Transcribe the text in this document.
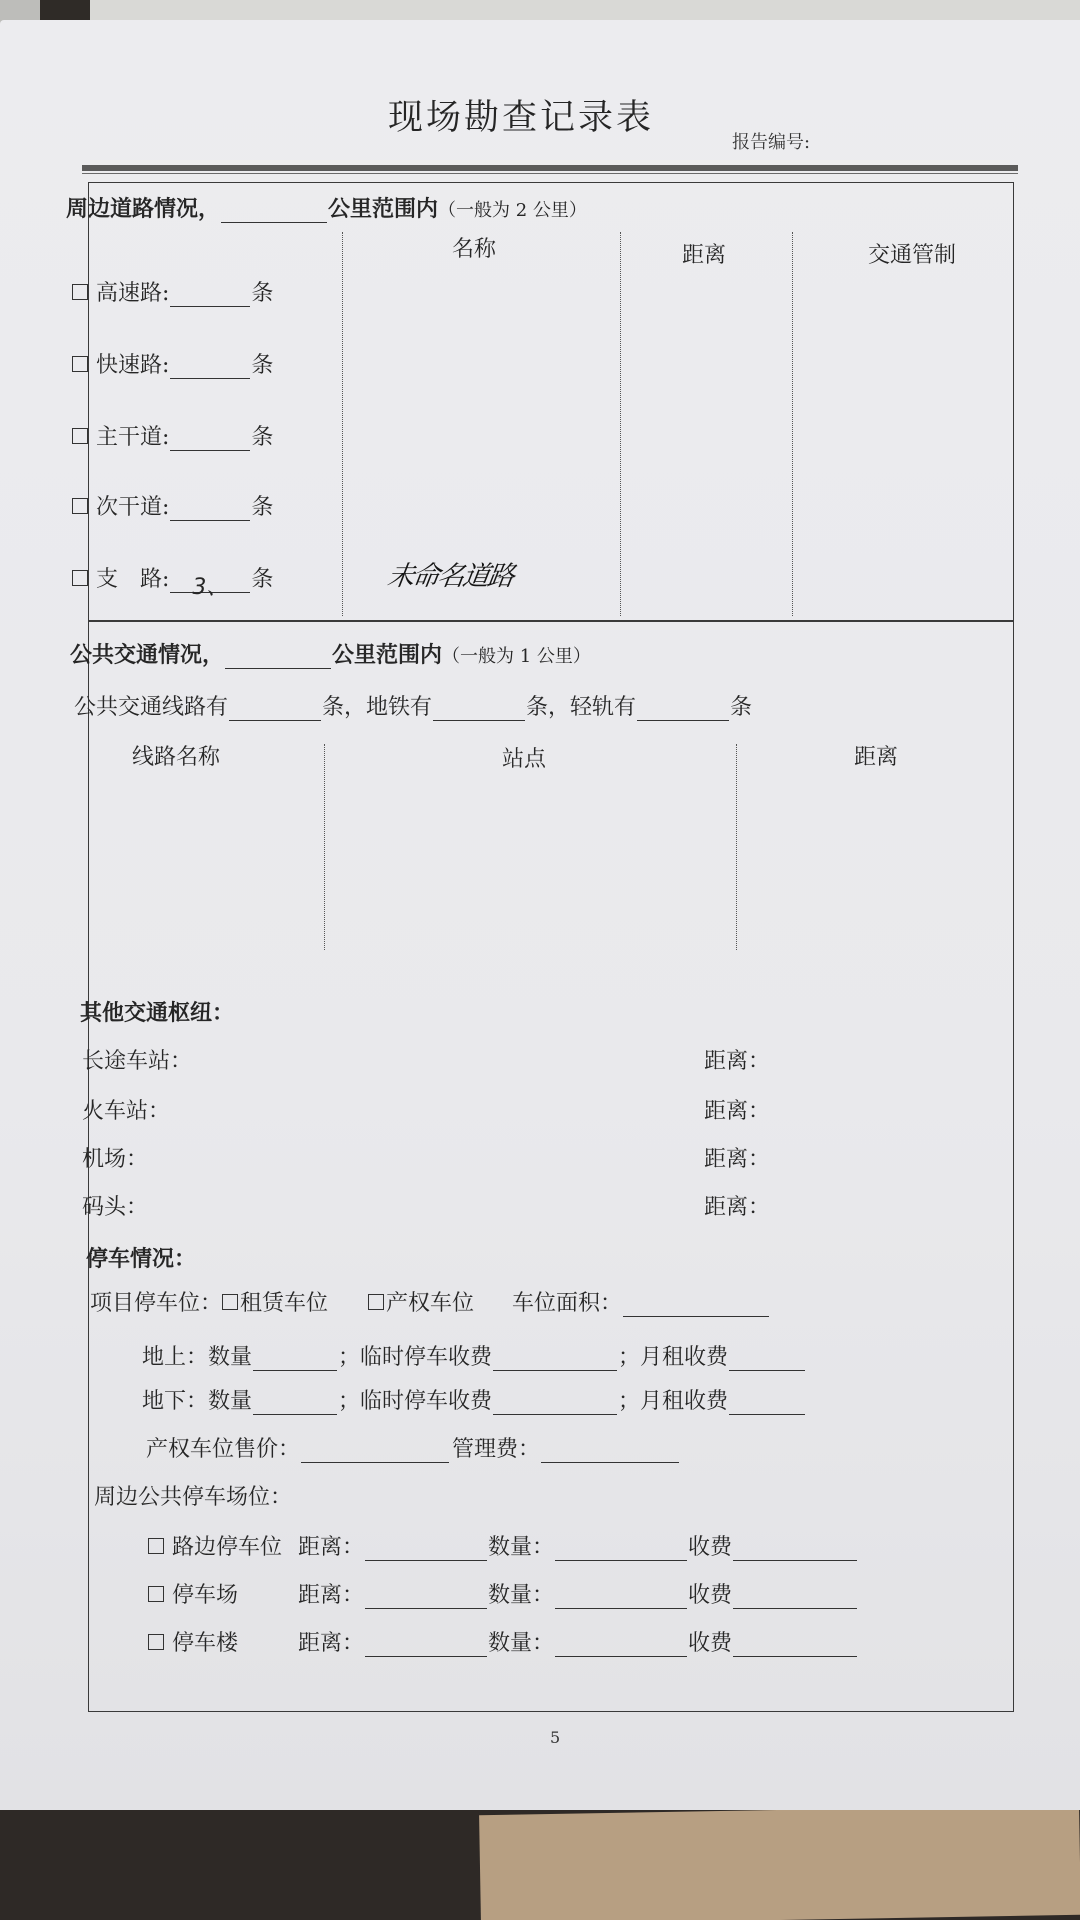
现场勘查记录表
报告编号:
周边道路情况，	公里范围内（一般为 2 公里）
名称	距离	交通管制
高速路:	条
快速路:	条
主干道:	条
次干道:	条
支　路: 3、 条	未命名道路
公共交通情况，	公里范围内（一般为 1 公里）
公共交通线路有	条，地铁有	条，轻轨有	条
线路名称	站点	距离
其他交通枢纽：
长途车站：	距离：
火车站：	距离：
机场：	距离：
码头：	距离：
停车情况：
项目停车位： 租赁车位	产权车位 车位面积：
地上：数量	；临时停车收费	；月租收费
地下：数量	；临时停车收费	；月租收费
产权车位售价：	管理费：
周边公共停车场位：
路边停车位 距离：	数量：	收费
停车场	距离：	数量：	收费
停车楼	距离：	数量：	收费
5
